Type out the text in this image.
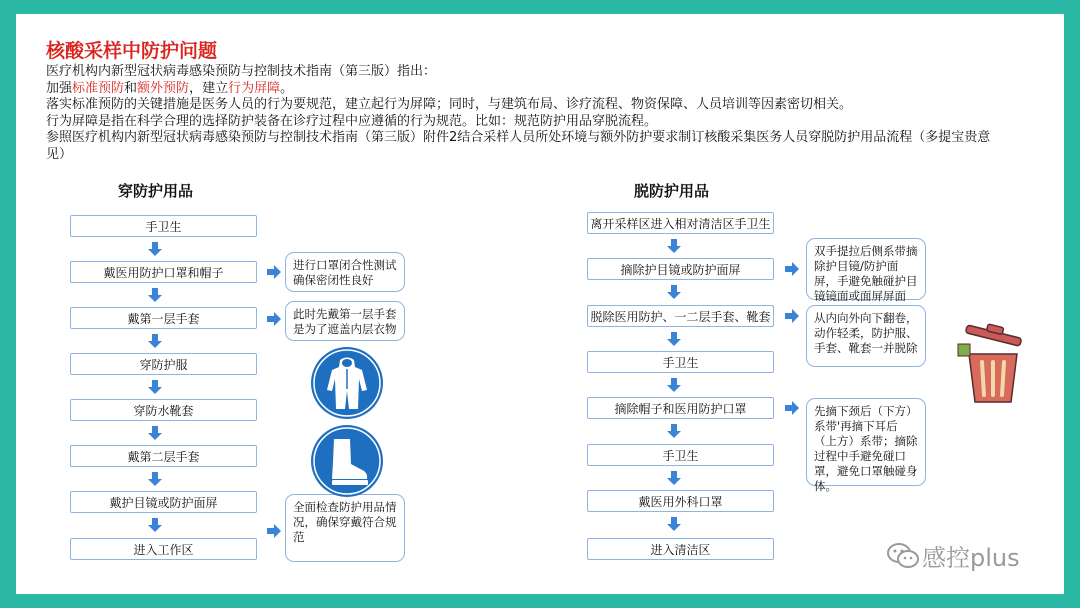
核酸采样中防护问题
医疗机构内新型冠状病毒感染预防与控制技术指南（第三版）指出：
加强标准预防和额外预防，建立行为屏障。
落实标准预防的关键措施是医务人员的行为要规范，建立起行为屏障；同时，与建筑布局、诊疗流程、物资保障、人员培训等因素密切相关。
行为屏障是指在科学合理的选择防护装备在诊疗过程中应遵循的行为规范。比如：规范防护用品穿脱流程。
参照医疗机构内新型冠状病毒感染预防与控制技术指南（第三版）附件2结合采样人员所处环境与额外防护要求制订核酸采集医务人员穿脱防护用品流程（多提宝贵意见）
穿防护用品
手卫生
戴医用防护口罩和帽子
戴第一层手套
穿防护服
穿防水靴套
戴第二层手套
戴护目镜或防护面屏
进入工作区
进行口罩闭合性测试确保密闭性良好
此时先戴第一层手套是为了遮盖内层衣物
全面检查防护用品情况，确保穿戴符合规范
脱防护用品
离开采样区进入相对清洁区手卫生
摘除护目镜或防护面屏
脱除医用防护、一二层手套、靴套
手卫生
摘除帽子和医用防护口罩
手卫生
戴医用外科口罩
进入清洁区
双手提拉后侧系带摘除护目镜/防护面屏，手避免触碰护目镜镜面或面屏屏面
从内向外向下翻卷，动作轻柔，防护服、手套、靴套一并脱除
先摘下颈后（下方）系带'再摘下耳后（上方）系带；摘除过程中手避免碰口罩，避免口罩触碰身体。
感控plus
